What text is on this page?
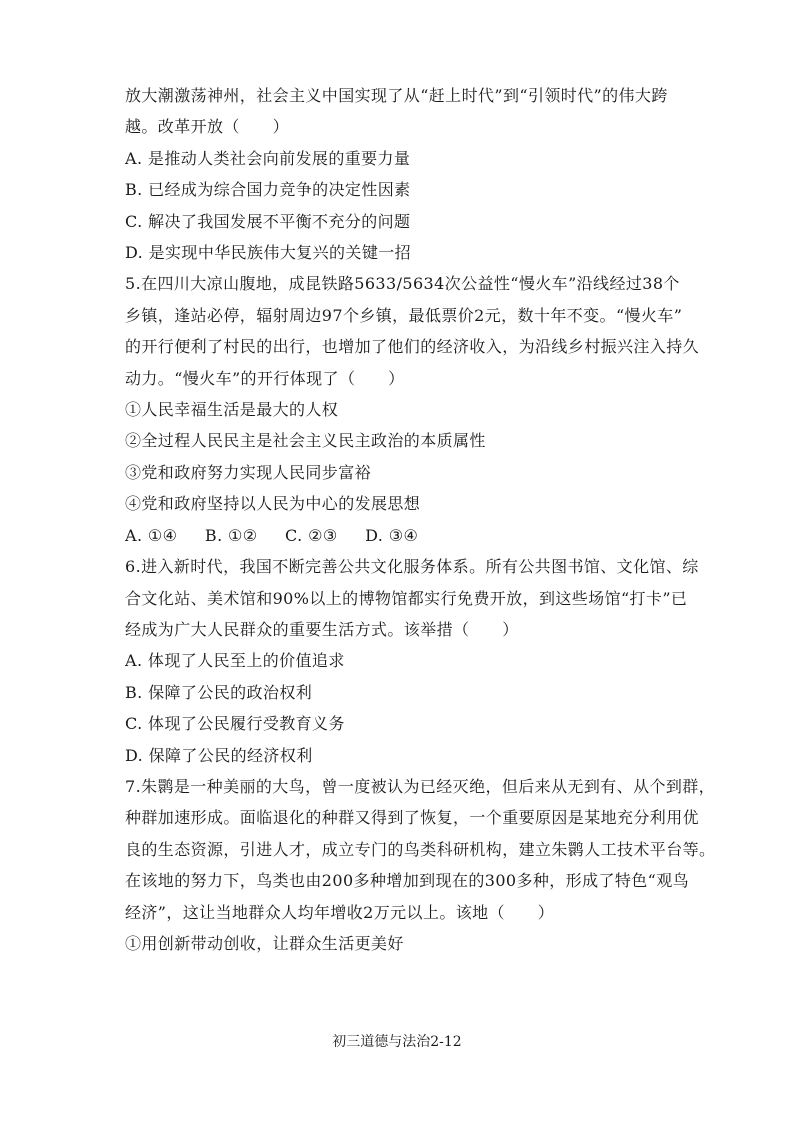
放大潮激荡神州，社会主义中国实现了从“赶上时代”到“引领时代”的伟大跨
越。改革开放（　　）
A. 是推动人类社会向前发展的重要力量
B. 已经成为综合国力竞争的决定性因素
C. 解决了我国发展不平衡不充分的问题
D. 是实现中华民族伟大复兴的关键一招
5.在四川大凉山腹地，成昆铁路5633/5634次公益性“慢火车”沿线经过38个
乡镇，逢站必停，辐射周边97个乡镇，最低票价2元，数十年不变。“慢火车”
的开行便利了村民的出行，也增加了他们的经济收入，为沿线乡村振兴注入持久
动力。“慢火车”的开行体现了（　　）
①人民幸福生活是最大的人权
②全过程人民民主是社会主义民主政治的本质属性
③党和政府努力实现人民同步富裕
④党和政府坚持以人民为中心的发展思想
A. ①④ B. ①② C. ②③ D. ③④
6.进入新时代，我国不断完善公共文化服务体系。所有公共图书馆、文化馆、综
合文化站、美术馆和90%以上的博物馆都实行免费开放，到这些场馆“打卡”已
经成为广大人民群众的重要生活方式。该举措（　　）
A. 体现了人民至上的价值追求
B. 保障了公民的政治权利
C. 体现了公民履行受教育义务
D. 保障了公民的经济权利
7.朱鹮是一种美丽的大鸟，曾一度被认为已经灭绝，但后来从无到有、从个到群，
种群加速形成。面临退化的种群又得到了恢复，一个重要原因是某地充分利用优
良的生态资源，引进人才，成立专门的鸟类科研机构，建立朱鹮人工技术平台等。
在该地的努力下，鸟类也由200多种增加到现在的300多种，形成了特色“观鸟
经济”，这让当地群众人均年增收2万元以上。该地（　　）
①用创新带动创收，让群众生活更美好
初三道德与法治2-12
